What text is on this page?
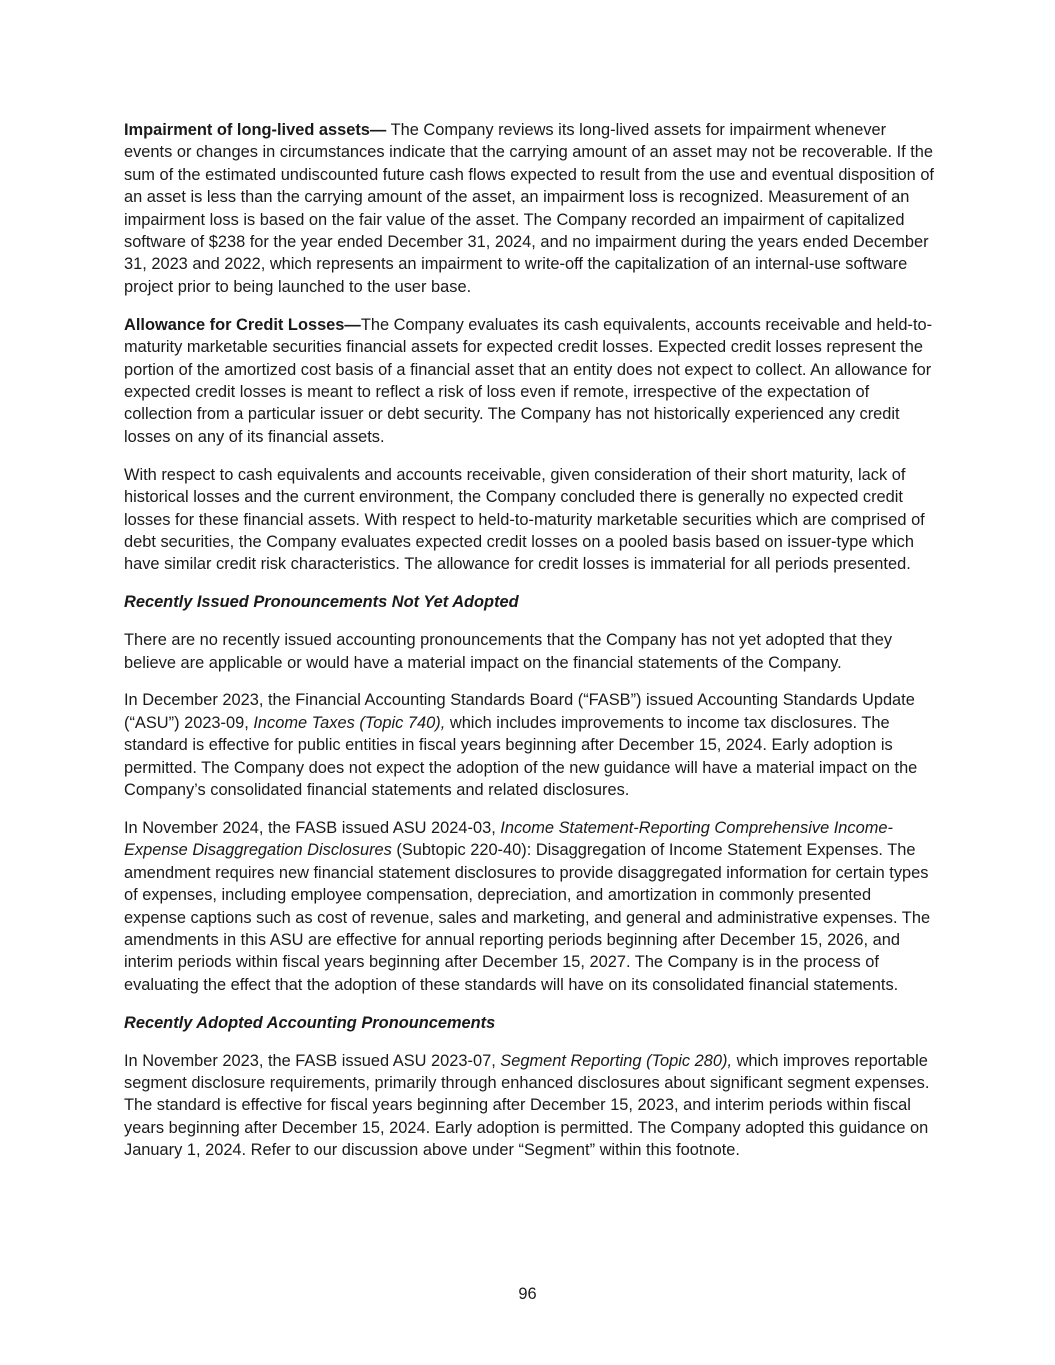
Impairment of long-lived assets— The Company reviews its long-lived assets for impairment whenever events or changes in circumstances indicate that the carrying amount of an asset may not be recoverable. If the sum of the estimated undiscounted future cash flows expected to result from the use and eventual disposition of an asset is less than the carrying amount of the asset, an impairment loss is recognized. Measurement of an impairment loss is based on the fair value of the asset. The Company recorded an impairment of capitalized software of $238 for the year ended December 31, 2024, and no impairment during the years ended December 31, 2023 and 2022, which represents an impairment to write-off the capitalization of an internal-use software project prior to being launched to the user base.

Allowance for Credit Losses—The Company evaluates its cash equivalents, accounts receivable and held-to-maturity marketable securities financial assets for expected credit losses. Expected credit losses represent the portion of the amortized cost basis of a financial asset that an entity does not expect to collect. An allowance for expected credit losses is meant to reflect a risk of loss even if remote, irrespective of the expectation of collection from a particular issuer or debt security. The Company has not historically experienced any credit losses on any of its financial assets.

With respect to cash equivalents and accounts receivable, given consideration of their short maturity, lack of historical losses and the current environment, the Company concluded there is generally no expected credit losses for these financial assets. With respect to held-to-maturity marketable securities which are comprised of debt securities, the Company evaluates expected credit losses on a pooled basis based on issuer-type which have similar credit risk characteristics. The allowance for credit losses is immaterial for all periods presented.

Recently Issued Pronouncements Not Yet Adopted

There are no recently issued accounting pronouncements that the Company has not yet adopted that they believe are applicable or would have a material impact on the financial statements of the Company.

In December 2023, the Financial Accounting Standards Board (“FASB”) issued Accounting Standards Update (“ASU”) 2023-09, Income Taxes (Topic 740), which includes improvements to income tax disclosures. The standard is effective for public entities in fiscal years beginning after December 15, 2024. Early adoption is permitted. The Company does not expect the adoption of the new guidance will have a material impact on the Company’s consolidated financial statements and related disclosures.

In November 2024, the FASB issued ASU 2024-03, Income Statement-Reporting Comprehensive Income-Expense Disaggregation Disclosures (Subtopic 220-40): Disaggregation of Income Statement Expenses. The amendment requires new financial statement disclosures to provide disaggregated information for certain types of expenses, including employee compensation, depreciation, and amortization in commonly presented expense captions such as cost of revenue, sales and marketing, and general and administrative expenses. The amendments in this ASU are effective for annual reporting periods beginning after December 15, 2026, and interim periods within fiscal years beginning after December 15, 2027. The Company is in the process of evaluating the effect that the adoption of these standards will have on its consolidated financial statements.

Recently Adopted Accounting Pronouncements

In November 2023, the FASB issued ASU 2023-07, Segment Reporting (Topic 280), which improves reportable segment disclosure requirements, primarily through enhanced disclosures about significant segment expenses. The standard is effective for fiscal years beginning after December 15, 2023, and interim periods within fiscal years beginning after December 15, 2024. Early adoption is permitted. The Company adopted this guidance on January 1, 2024. Refer to our discussion above under “Segment” within this footnote.

96
